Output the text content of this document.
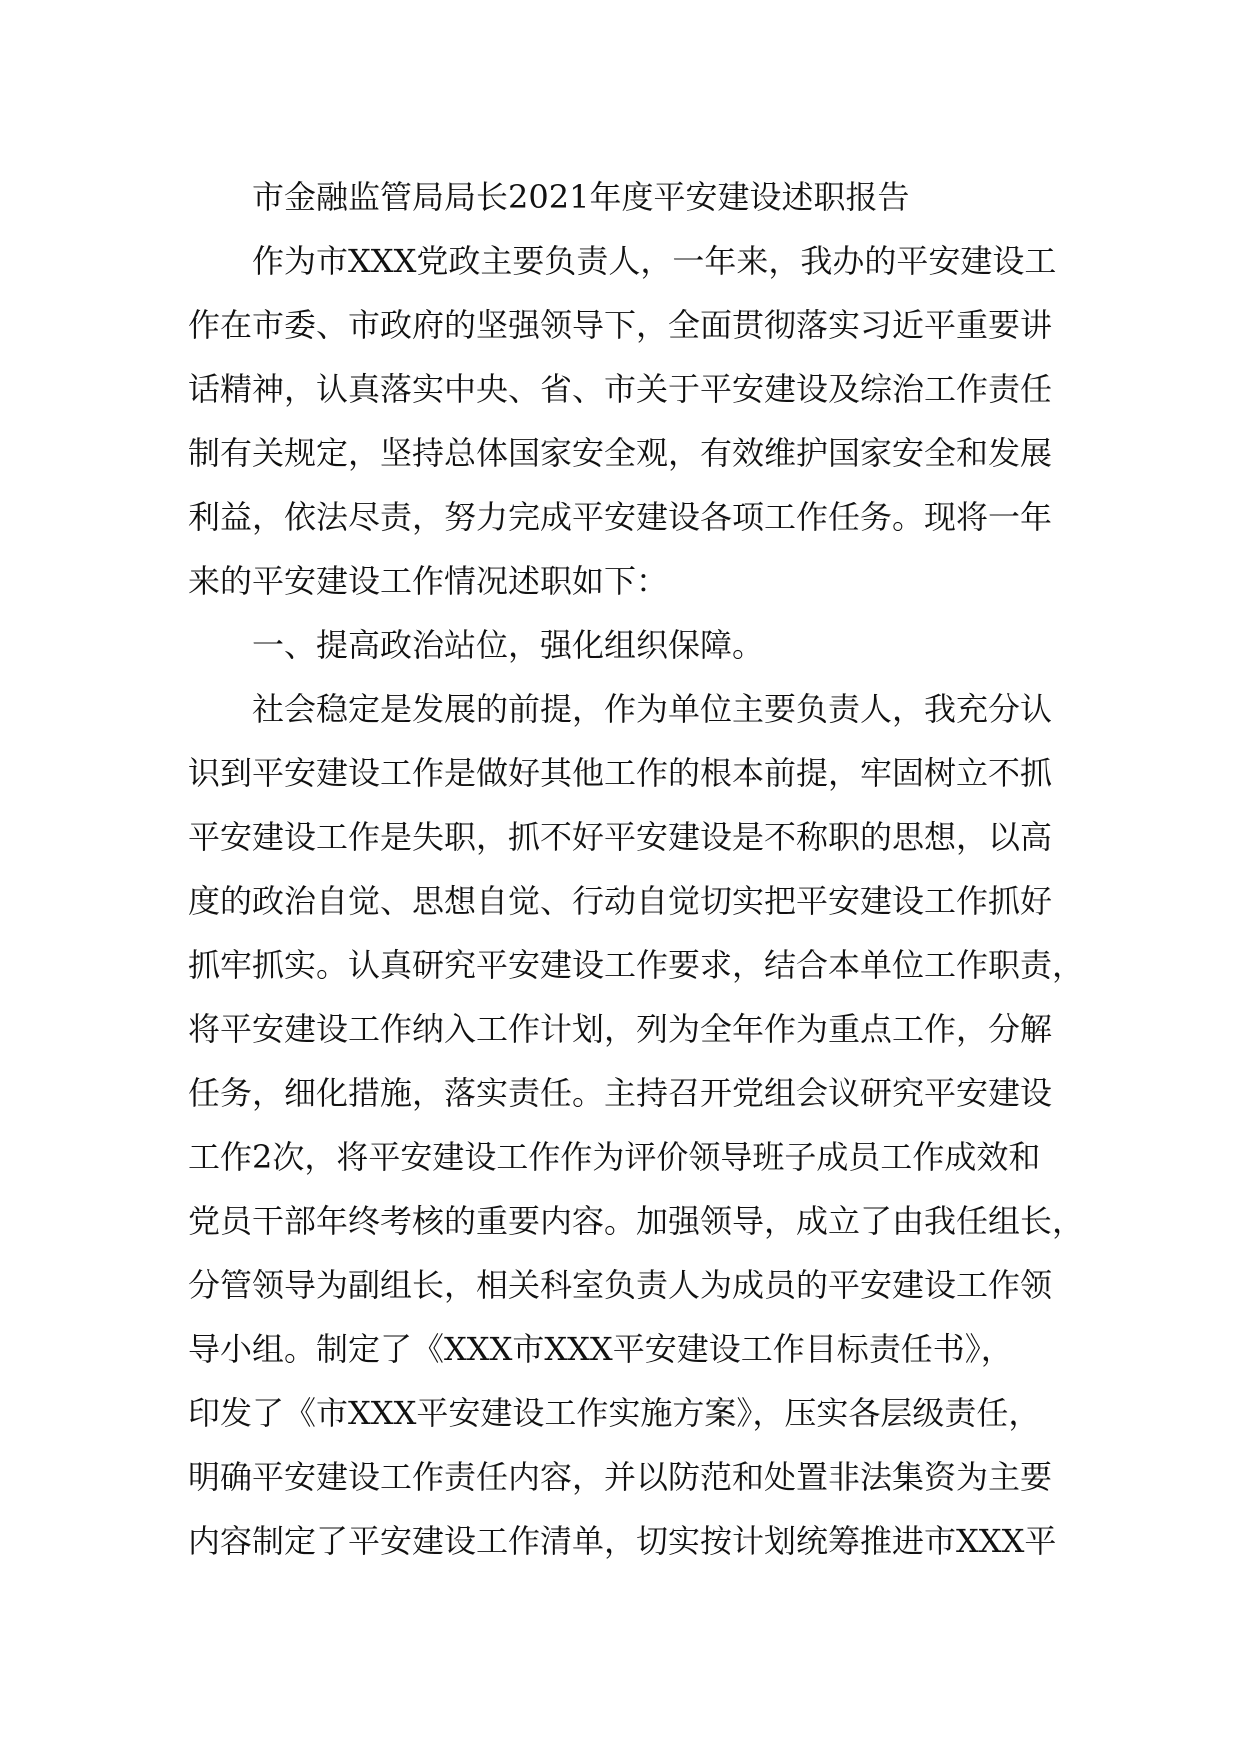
市金融监管局局长2021年度平安建设述职报告
作为市XXX党政主要负责人，一年来，我办的平安建设工
作在市委、市政府的坚强领导下，全面贯彻落实习近平重要讲
话精神，认真落实中央、省、市关于平安建设及综治工作责任
制有关规定，坚持总体国家安全观，有效维护国家安全和发展
利益，依法尽责，努力完成平安建设各项工作任务。现将一年
来的平安建设工作情况述职如下：
一、提高政治站位，强化组织保障。
社会稳定是发展的前提，作为单位主要负责人，我充分认
识到平安建设工作是做好其他工作的根本前提，牢固树立不抓
平安建设工作是失职，抓不好平安建设是不称职的思想，以高
度的政治自觉、思想自觉、行动自觉切实把平安建设工作抓好
抓牢抓实。认真研究平安建设工作要求，结合本单位工作职责，
将平安建设工作纳入工作计划，列为全年作为重点工作，分解
任务，细化措施，落实责任。主持召开党组会议研究平安建设
工作2次，将平安建设工作作为评价领导班子成员工作成效和
党员干部年终考核的重要内容。加强领导，成立了由我任组长，
分管领导为副组长，相关科室负责人为成员的平安建设工作领
导小组。制定了《XXX市XXX平安建设工作目标责任书》，
印发了《市XXX平安建设工作实施方案》，压实各层级责任，
明确平安建设工作责任内容，并以防范和处置非法集资为主要
内容制定了平安建设工作清单，切实按计划统筹推进市XXX平
